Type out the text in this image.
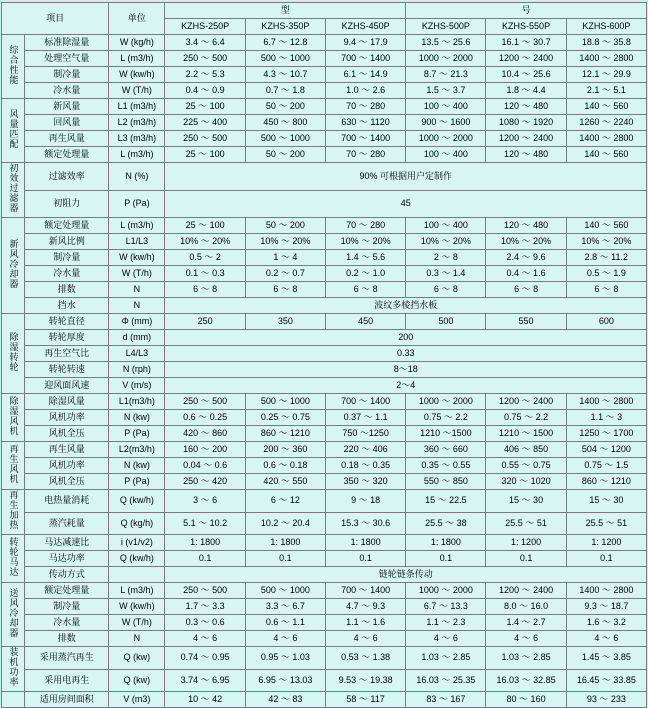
项目		单位	型			号		
			KZHS-250P	KZHS-350P	KZHS-450P	KZHS-500P	KZHS-550P	KZHS-600P
综合性能	标准除湿量	W (kg/h)	3.4 ～ 6.4	6.7 ～ 12.8	9.4 ～ 17.9	13.5 ～ 25.6	16.1 ～ 30.7	18.8 ～ 35.8
	处理空气量	L (m3/h)	250 ～ 500	500 ～ 1000	700 ～ 1400	1000 ～ 2000	1200 ～ 2400	1400 ～ 2800
	制冷量	W (kw/h)	2.2 ～ 5.3	4.3 ～ 10.7	6.1 ～ 14.9	8.7 ～ 21.3	10.4 ～ 25.6	12.1 ～ 29.9
	冷水量	W (T/h)	0.4 ～ 0.9	0.7 ～ 1.8	1.0 ～ 2.6	1.5 ～ 3.7	1.8 ～ 4.4	2.1 ～ 5.1
风量匹配	新风量	L1 (m3/h)	25 ～ 100	50 ～ 200	70 ～ 280	100 ～ 400	120 ～ 480	140 ～ 560
	回风量	L2 (m3/h)	225 ～ 400	450 ～ 800	630 ～ 1120	900 ～ 1600	1080 ～ 1920	1260 ～ 2240
	再生风量	L3 (m3/h)	250 ～ 500	500 ～ 1000	700 ～ 1400	1000 ～ 2000	1200 ～ 2400	1400 ～ 2800
	额定处理量	L (m3/h)	25 ～ 100	50 ～ 200	70 ～ 280	100 ～ 400	120 ～ 480	140 ～ 560
初效过滤器	过滤效率	N (%)	90% 可根据用户定制作					
	初阻力	P (Pa)	45					
新风冷却器	额定处理量	L (m3/h)	25 ～ 100	50 ～ 200	70 ～ 280	100 ～ 400	120 ～ 480	140 ～ 560
	新风比例	L1/L3	10% ～ 20%	10% ～ 20%	10% ～ 20%	10% ～ 20%	10% ～ 20%	10% ～ 20%
	制冷量	W (kw/h)	0.5 ～ 2	1 ～ 4	1.4 ～ 5.6	2 ～ 8	2.4 ～ 9.6	2.8 ～ 11.2
	冷水量	W (T/h)	0.1 ～ 0.3	0.2 ～ 0.7	0.2 ～ 1.0	0.3 ～ 1.4	0.4 ～ 1.6	0.5 ～ 1.9
	排数	N	6 ～ 8	6 ～ 8	6 ～ 8	6 ～ 8	6 ～ 8	6 ～ 8
	挡水	N	波纹多棱挡水板					
除湿转轮	转轮直径	Φ (mm)	250	350	450	500	550	600
	转轮厚度	d (mm)	200					
	再生空气比	L4/L3	0.33					
	转轮转速	N (rph)	8～18					
	迎风面风速	V (m/s)	2～4					
除湿风机	除湿风量	L1(m3/h)	250 ～ 500	500 ～ 1000	700 ～ 1400	1000 ～ 2000	1200 ～ 2400	1400 ～ 2800
	风机功率	N (kw)	0.6 ～ 0.25	0.25 ～ 0.75	0.37 ～ 1.1	0.75 ～ 2.2	0.75 ～ 2.2	1.1 ～ 3
	风机全压	P (Pa)	420 ～ 860	860 ～ 1210	750 ～1250	1210 ～1500	1210 ～ 1500	1250 ～ 1700
再生风机	再生风量	L2(m3/h)	160 ～ 200	200 ～ 360	220 ～ 406	360 ～ 660	406 ～ 850	504 ～ 1200
	风机功率	N (kw)	0.04 ～ 0.6	0.6 ～ 0.18	0.18 ～ 0.35	0.35 ～ 0.55	0.55 ～ 0.75	0.75 ～ 1.5
	风机全压	P (Pa)	250 ～ 420	420 ～ 550	350 ～ 320	550 ～ 850	320 ～ 1020	860 ～ 1210
再生加热	电热量消耗	Q (kw/h)	3 ～ 6	6 ～ 12	9 ～ 18	15 ～ 22.5	15 ～ 30	15 ～ 30
	蒸汽耗量	Q (kg/h)	5.1 ～ 10.2	10.2 ～ 20.4	15.3 ～ 30.6	25.5 ～ 38	25.5 ～ 51	25.5 ～ 51
转轮马达	马达减速比	i (v1/v2)	1: 1800	1: 1800	1: 1800	1: 1800	1: 1200	1: 1200
	马达功率	Q (kw/h)	0.1	0.1	0.1	0.1	0.1	0.1
	传动方式		链轮链条传动					
送风冷却器	额定处理量	L (m3/h)	250 ～ 500	500 ～ 1000	700 ～ 1400	1000 ～ 2000	1200 ～ 2400	1400 ～ 2800
	制冷量	W (kw/h)	1.7 ～ 3.3	3.3 ～ 6.7	4.7 ～ 9.3	6.7 ～ 13.3	8.0 ～ 16.0	9.3 ～ 18.7
	冷水量	W (T/h)	0.3 ～ 0.6	0.6 ～ 1.1	1.1 ～ 1.6	1.1 ～ 2.3	1.4 ～ 2.7	1.6 ～ 3.2
	排数	N	4 ～ 6	4 ～ 6	4 ～ 6	4 ～ 6	4 ～ 6	4 ～ 6
装机功率	采用蒸汽再生	Q (kw)	0.74 ～ 0.95	0.95 ～ 1.03	0.53 ～ 1.38	1.03 ～ 2.85	1.03 ～ 2.85	1.45 ～ 3.85
	采用电再生	Q (kw)	3.74 ～ 6.95	6.95 ～ 13.03	9.53 ～ 19.38	16.03 ～ 25.35	16.03 ～ 32.85	16.45 ～ 33.85
	适用房间面积	V (m3)	10 ～ 42	42 ～ 83	58 ～ 117	83 ～ 167	80 ～ 160	93 ～ 233
